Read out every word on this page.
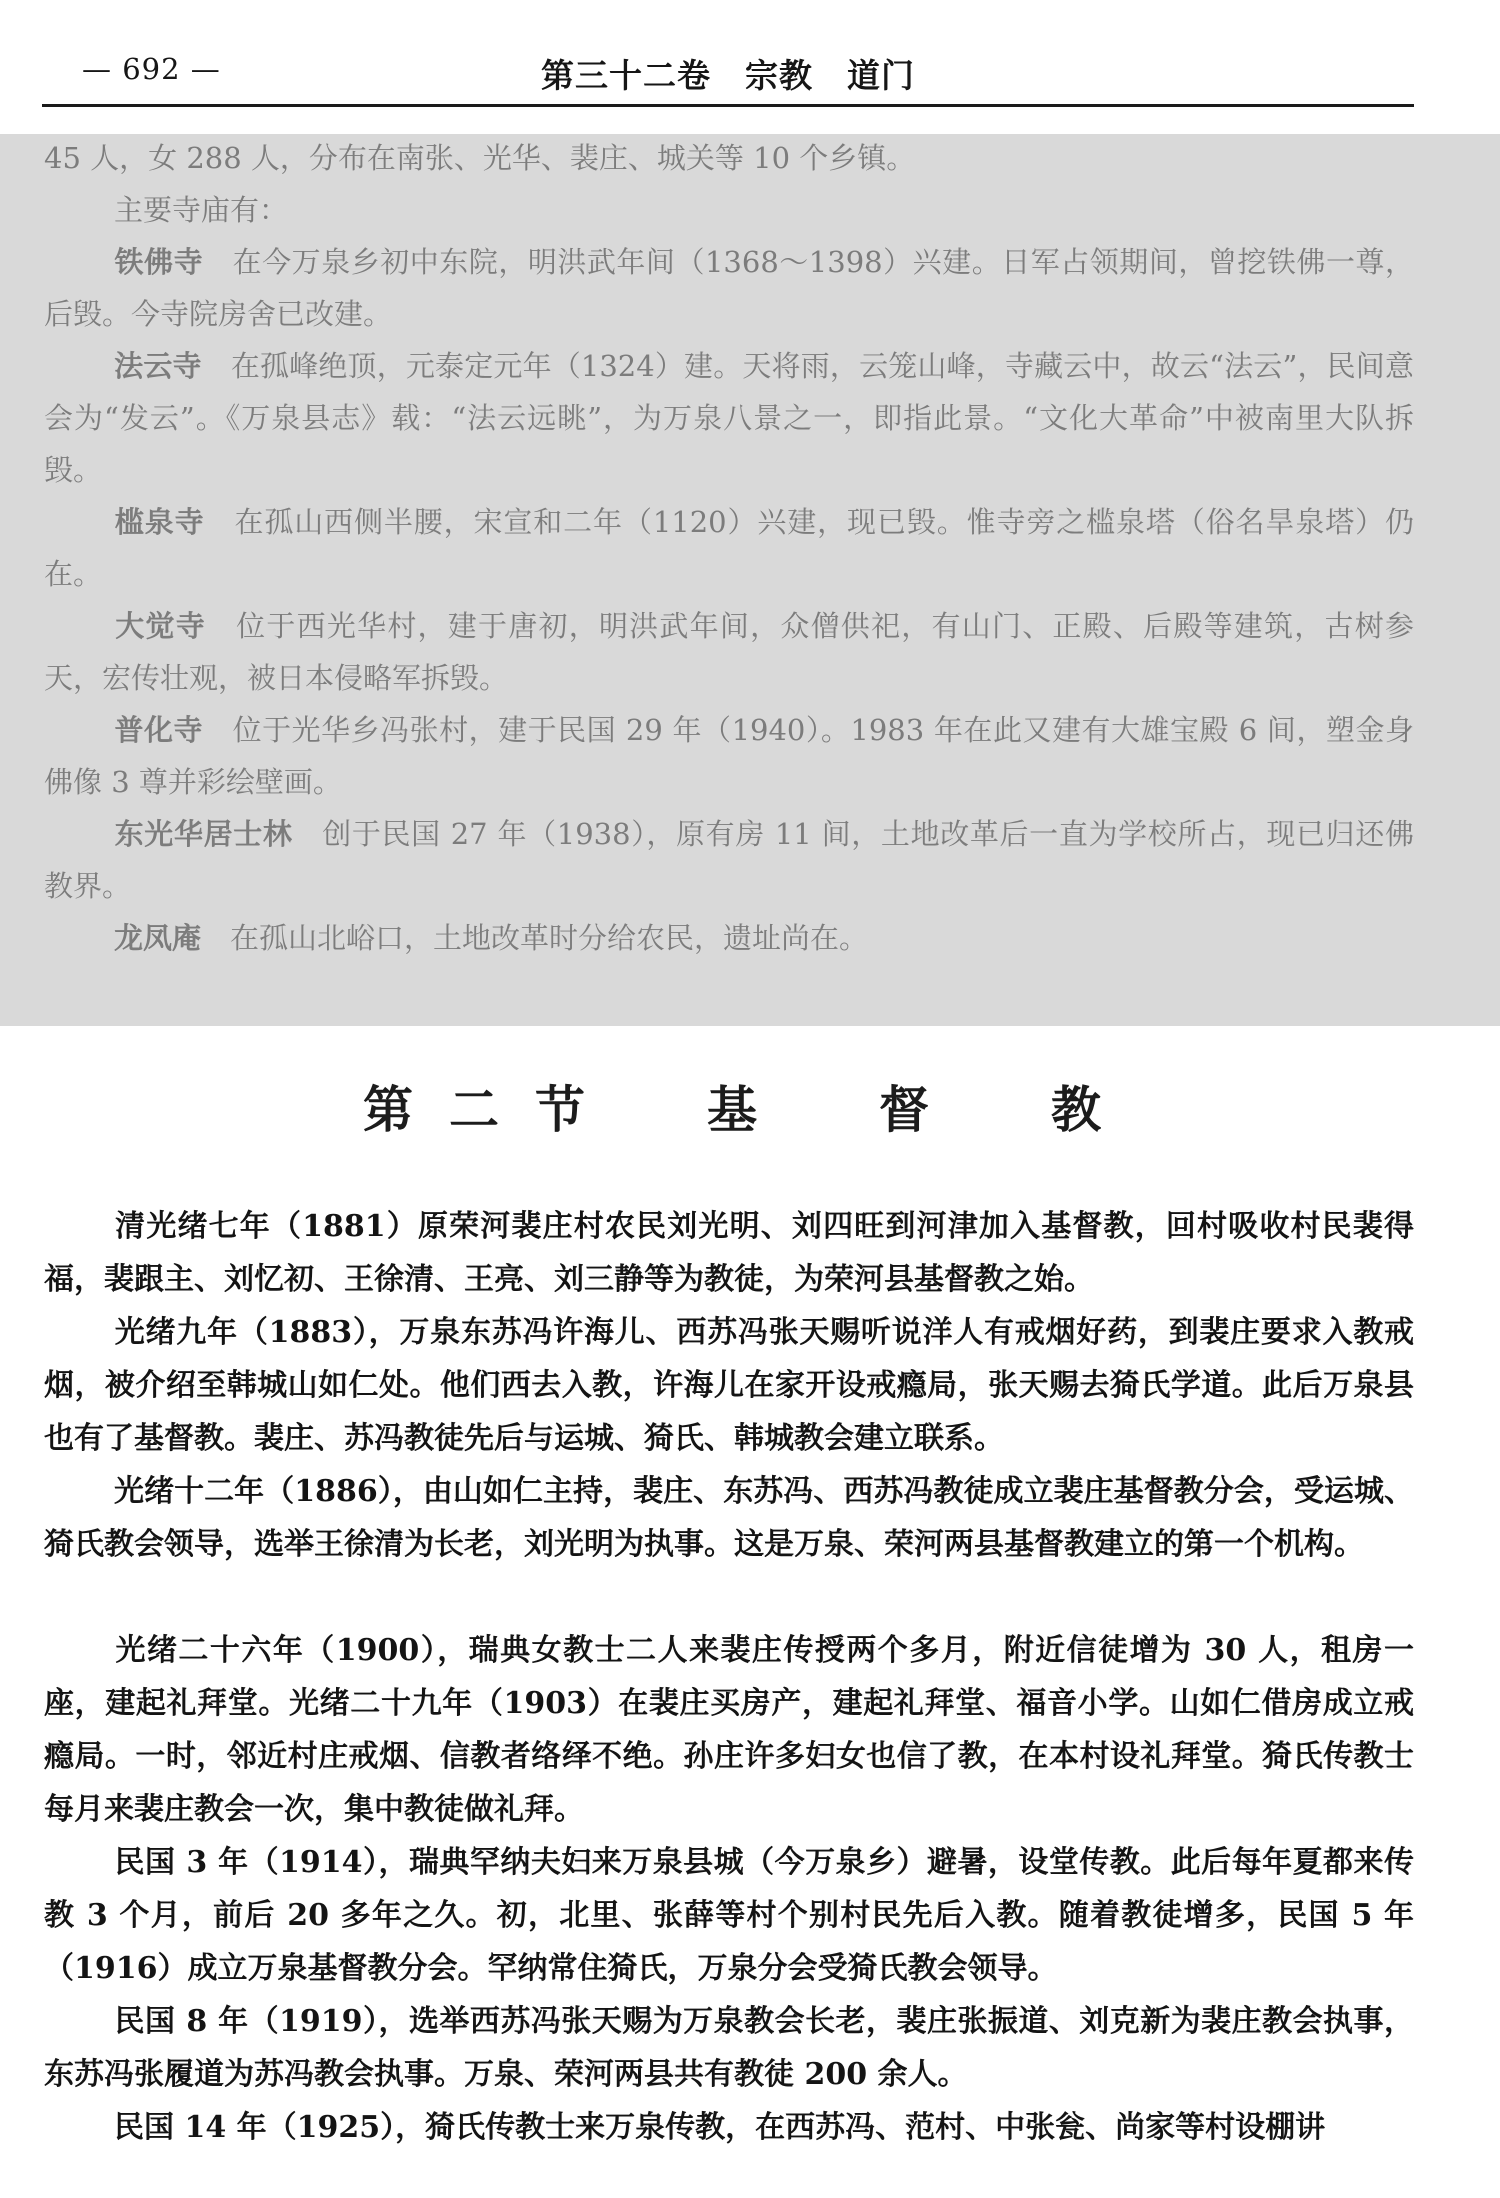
— 692 —	第三十二卷　宗教　道门

45 人，女 288 人，分布在南张、光华、裴庄、城关等 10 个乡镇。

主要寺庙有：

铁佛寺　 在今万泉乡初中东院，明洪武年间（1368～1398）兴建。日军占领期间，曾挖铁佛一尊，后毁。今寺院房舍已改建。

法云寺　 在孤峰绝顶，元泰定元年（1324）建。天将雨，云笼山峰，寺藏云中，故云“法云”，民间意会为“发云”。《万泉县志》载：“法云远眺”，为万泉八景之一，即指此景。“文化大革命”中被南里大队拆毁。

槛泉寺　 在孤山西侧半腰，宋宣和二年（1120）兴建，现已毁。惟寺旁之槛泉塔（俗名旱泉塔）仍在。

大觉寺　 位于西光华村，建于唐初，明洪武年间，众僧供祀，有山门、正殿、后殿等建筑，古树参天，宏传壮观，被日本侵略军拆毁。

普化寺　 位于光华乡冯张村，建于民国 29 年（1940）。1983 年在此又建有大雄宝殿 6 间，塑金身佛像 3 尊并彩绘壁画。

东光华居士林　 创于民国 27 年（1938），原有房 11 间，土地改革后一直为学校所占，现已归还佛教界。

龙凤庵　 在孤山北峪口，土地改革时分给农民，遗址尚在。

第二节　基　督　教

清光绪七年（1881）原荣河裴庄村农民刘光明、刘四旺到河津加入基督教，回村吸收村民裴得福，裴跟主、刘忆初、王徐清、王亮、刘三静等为教徒，为荣河县基督教之始。

光绪九年（1883），万泉东苏冯许海儿、西苏冯张天赐听说洋人有戒烟好药，到裴庄要求入教戒烟，被介绍至韩城山如仁处。他们西去入教，许海儿在家开设戒瘾局，张天赐去猗氏学道。此后万泉县也有了基督教。裴庄、苏冯教徒先后与运城、猗氏、韩城教会建立联系。

光绪十二年（1886），由山如仁主持，裴庄、东苏冯、西苏冯教徒成立裴庄基督教分会，受运城、猗氏教会领导，选举王徐清为长老，刘光明为执事。这是万泉、荣河两县基督教建立的第一个机构。

光绪二十六年（1900），瑞典女教士二人来裴庄传授两个多月，附近信徒增为 30 人，租房一座，建起礼拜堂。光绪二十九年（1903）在裴庄买房产，建起礼拜堂、福音小学。山如仁借房成立戒瘾局。一时，邻近村庄戒烟、信教者络绎不绝。孙庄许多妇女也信了教，在本村设礼拜堂。猗氏传教士每月来裴庄教会一次，集中教徒做礼拜。

民国 3 年（1914），瑞典罕纳夫妇来万泉县城（今万泉乡）避暑，设堂传教。此后每年夏都来传教 3 个月，前后 20 多年之久。初，北里、张薛等村个别村民先后入教。随着教徒增多，民国 5 年（1916）成立万泉基督教分会。罕纳常住猗氏，万泉分会受猗氏教会领导。

民国 8 年（1919），选举西苏冯张天赐为万泉教会长老，裴庄张振道、刘克新为裴庄教会执事，东苏冯张履道为苏冯教会执事。万泉、荣河两县共有教徒 200 余人。

民国 14 年（1925），猗氏传教士来万泉传教，在西苏冯、范村、中张瓮、尚家等村设棚讲
